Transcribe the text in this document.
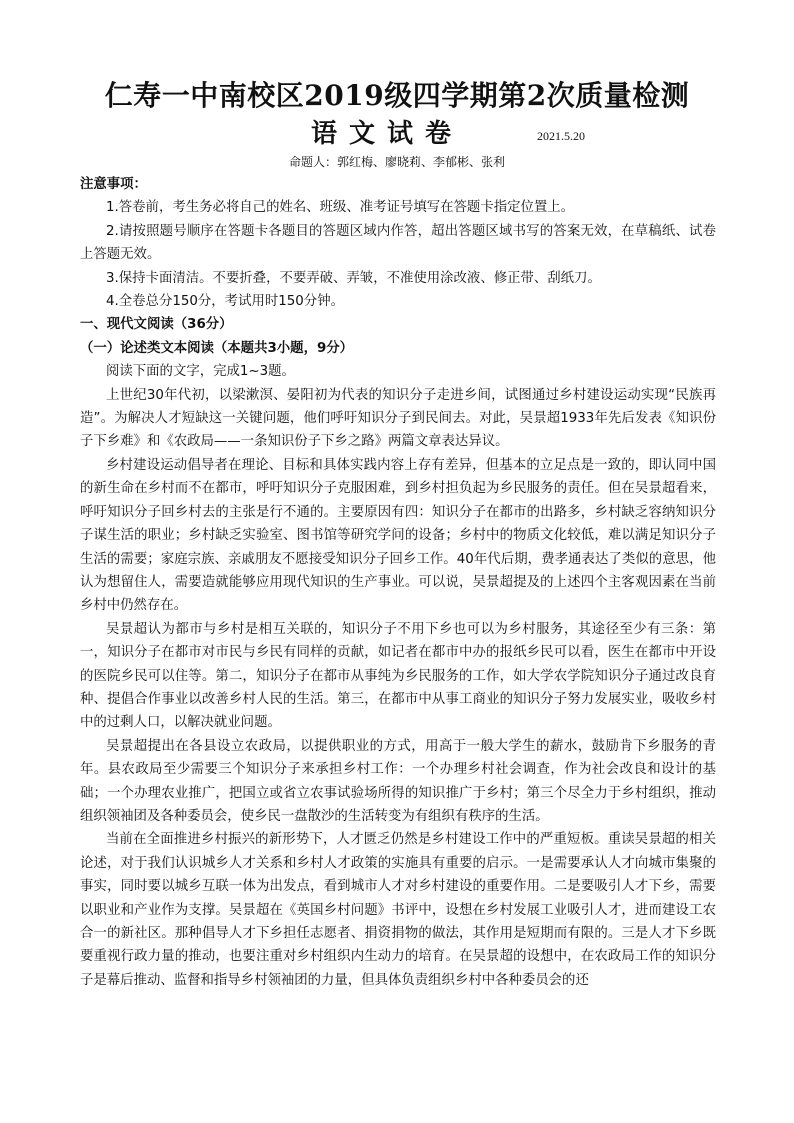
仁寿一中南校区2019级四学期第2次质量检测
语文试卷	2021.5.20
命题人：郭红梅、廖晓莉、李郁彬、张利

注意事项：

1.答卷前，考生务必将自己的姓名、班级、准考证号填写在答题卡指定位置上。

2.请按照题号顺序在答题卡各题目的答题区域内作答，超出答题区域书写的答案无效，在草稿纸、试卷上答题无效。

3.保持卡面清洁。不要折叠，不要弄破、弄皱，不准使用涂改液、修正带、刮纸刀。

4.全卷总分150分，考试用时150分钟。

一、现代文阅读（36分）

（一）论述类文本阅读（本题共3小题，9分）

阅读下面的文字，完成1~3题。

上世纪30年代初，以梁漱溟、晏阳初为代表的知识分子走进乡间，试图通过乡村建设运动实现“民族再造”。为解决人才短缺这一关键问题，他们呼吁知识分子到民间去。对此，吴景超1933年先后发表《知识份子下乡难》和《农政局——一条知识份子下乡之路》两篇文章表达异议。

乡村建设运动倡导者在理论、目标和具体实践内容上存有差异，但基本的立足点是一致的，即认同中国的新生命在乡村而不在都市，呼吁知识分子克服困难，到乡村担负起为乡民服务的责任。但在吴景超看来，呼吁知识分子回乡村去的主张是行不通的。主要原因有四：知识分子在都市的出路多，乡村缺乏容纳知识分子谋生活的职业；乡村缺乏实验室、图书馆等研究学问的设备；乡村中的物质文化较低，难以满足知识分子生活的需要；家庭宗族、亲戚朋友不愿接受知识分子回乡工作。40年代后期，费孝通表达了类似的意思，他认为想留住人，需要造就能够应用现代知识的生产事业。可以说，吴景超提及的上述四个主客观因素在当前乡村中仍然存在。

吴景超认为都市与乡村是相互关联的，知识分子不用下乡也可以为乡村服务，其途径至少有三条：第一，知识分子在都市对市民与乡民有同样的贡献，如记者在都市中办的报纸乡民可以看，医生在都市中开设的医院乡民可以住等。第二，知识分子在都市从事纯为乡民服务的工作，如大学农学院知识分子通过改良育种、提倡合作事业以改善乡村人民的生活。第三，在都市中从事工商业的知识分子努力发展实业，吸收乡村中的过剩人口，以解决就业问题。

吴景超提出在各县设立农政局，以提供职业的方式，用高于一般大学生的薪水，鼓励肯下乡服务的青年。县农政局至少需要三个知识分子来承担乡村工作：一个办理乡村社会调查，作为社会改良和设计的基础；一个办理农业推广，把国立或省立农事试验场所得的知识推广于乡村；第三个尽全力于乡村组织，推动组织领袖团及各种委员会，使乡民一盘散沙的生活转变为有组织有秩序的生活。

当前在全面推进乡村振兴的新形势下，人才匮乏仍然是乡村建设工作中的严重短板。重读吴景超的相关论述，对于我们认识城乡人才关系和乡村人才政策的实施具有重要的启示。一是需要承认人才向城市集聚的事实，同时要以城乡互联一体为出发点，看到城市人才对乡村建设的重要作用。二是要吸引人才下乡，需要以职业和产业作为支撑。吴景超在《英国乡村问题》书评中，设想在乡村发展工业吸引人才，进而建设工农合一的新社区。那种倡导人才下乡担任志愿者、捐资捐物的做法，其作用是短期而有限的。三是人才下乡既要重视行政力量的推动，也要注重对乡村组织内生动力的培育。在吴景超的设想中，在农政局工作的知识分子是幕后推动、监督和指导乡村领袖团的力量，但具体负责组织乡村中各种委员会的还
